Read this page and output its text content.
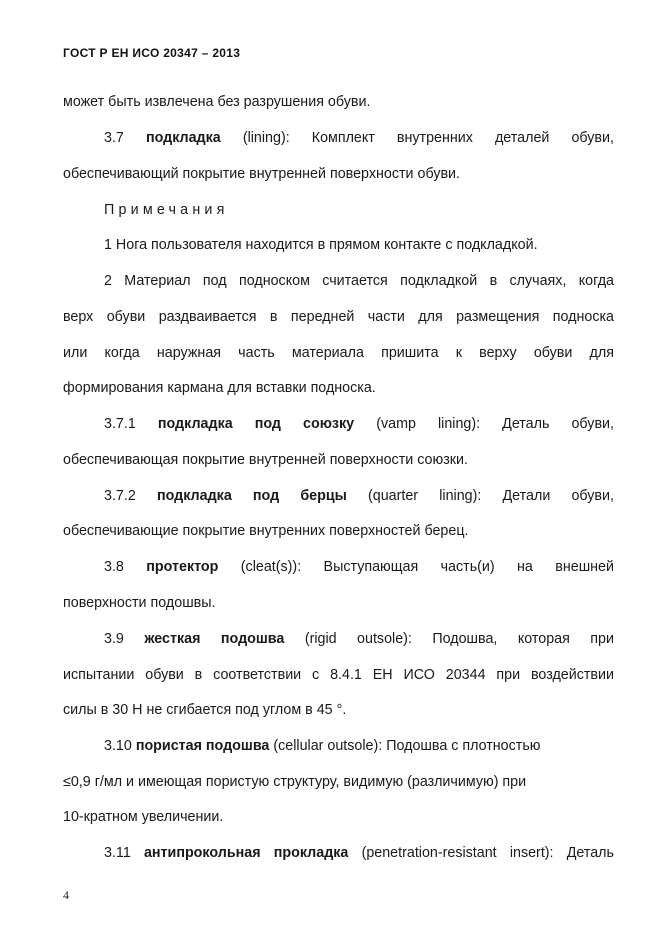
ГОСТ Р ЕН ИСО 20347 – 2013
может быть извлечена без разрушения обуви.
3.7 подкладка (lining): Комплект внутренних деталей обуви,
обеспечивающий покрытие внутренней поверхности обуви.
Примечания
1 Нога пользователя находится в прямом контакте с подкладкой.
2 Материал под подноском считается подкладкой в случаях, когда
верх обуви раздваивается в передней части для размещения подноска
или когда наружная часть материала пришита к верху обуви для
формирования кармана для вставки подноска.
3.7.1 подкладка под союзку (vamp lining): Деталь обуви,
обеспечивающая покрытие внутренней поверхности союзки.
3.7.2 подкладка под берцы (quarter lining): Детали обуви,
обеспечивающие покрытие внутренних поверхностей берец.
3.8 протектор (cleat(s)): Выступающая часть(и) на внешней
поверхности подошвы.
3.9 жесткая подошва (rigid outsole): Подошва, которая при
испытании обуви в соответствии с 8.4.1 ЕН ИСО 20344 при воздействии
силы в 30 Н не сгибается под углом в 45 °.
3.10 пористая подошва (cellular outsole): Подошва с плотностью
≤0,9 г/мл и имеющая пористую структуру, видимую (различимую) при
10-кратном увеличении.
3.11 антипрокольная прокладка (penetration-resistant insert): Деталь
4
